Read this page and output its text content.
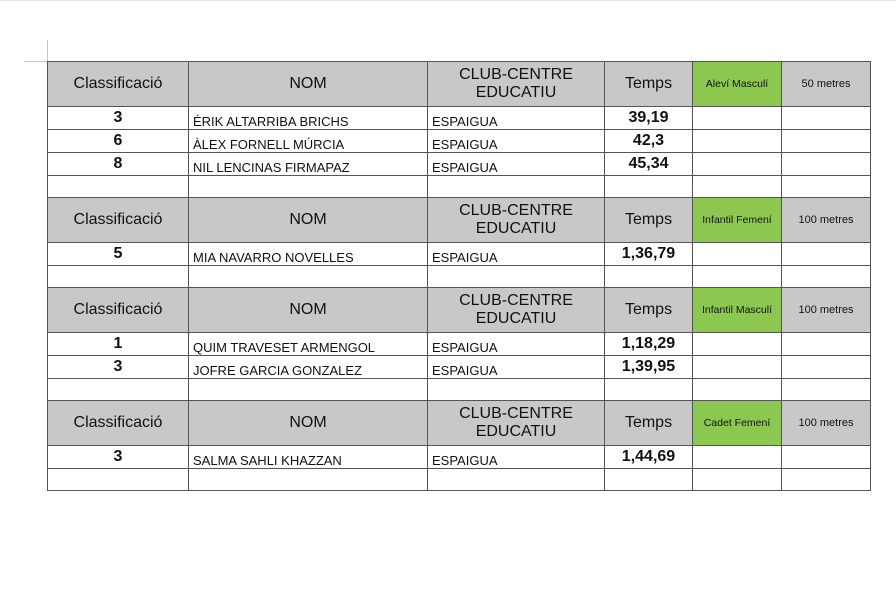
Classificació	NOM	CLUB-CENTRE EDUCATIU	Temps	Aleví Masculí	50 metres
3	ÉRIK ALTARRIBA BRICHS	ESPAIGUA	39,19		
6	ÀLEX FORNELL MÚRCIA	ESPAIGUA	42,3		
8	NIL LENCINAS FIRMAPAZ	ESPAIGUA	45,34		

Classificació	NOM	CLUB-CENTRE EDUCATIU	Temps	Infantil Femení	100 metres
5	MIA NAVARRO NOVELLES	ESPAIGUA	1,36,79		

Classificació	NOM	CLUB-CENTRE EDUCATIU	Temps	Infantil Masculí	100 metres
1	QUIM TRAVESET ARMENGOL	ESPAIGUA	1,18,29		
3	JOFRE GARCIA GONZALEZ	ESPAIGUA	1,39,95		

Classificació	NOM	CLUB-CENTRE EDUCATIU	Temps	Cadet Femení	100 metres
3	SALMA SAHLI KHAZZAN	ESPAIGUA	1,44,69		
